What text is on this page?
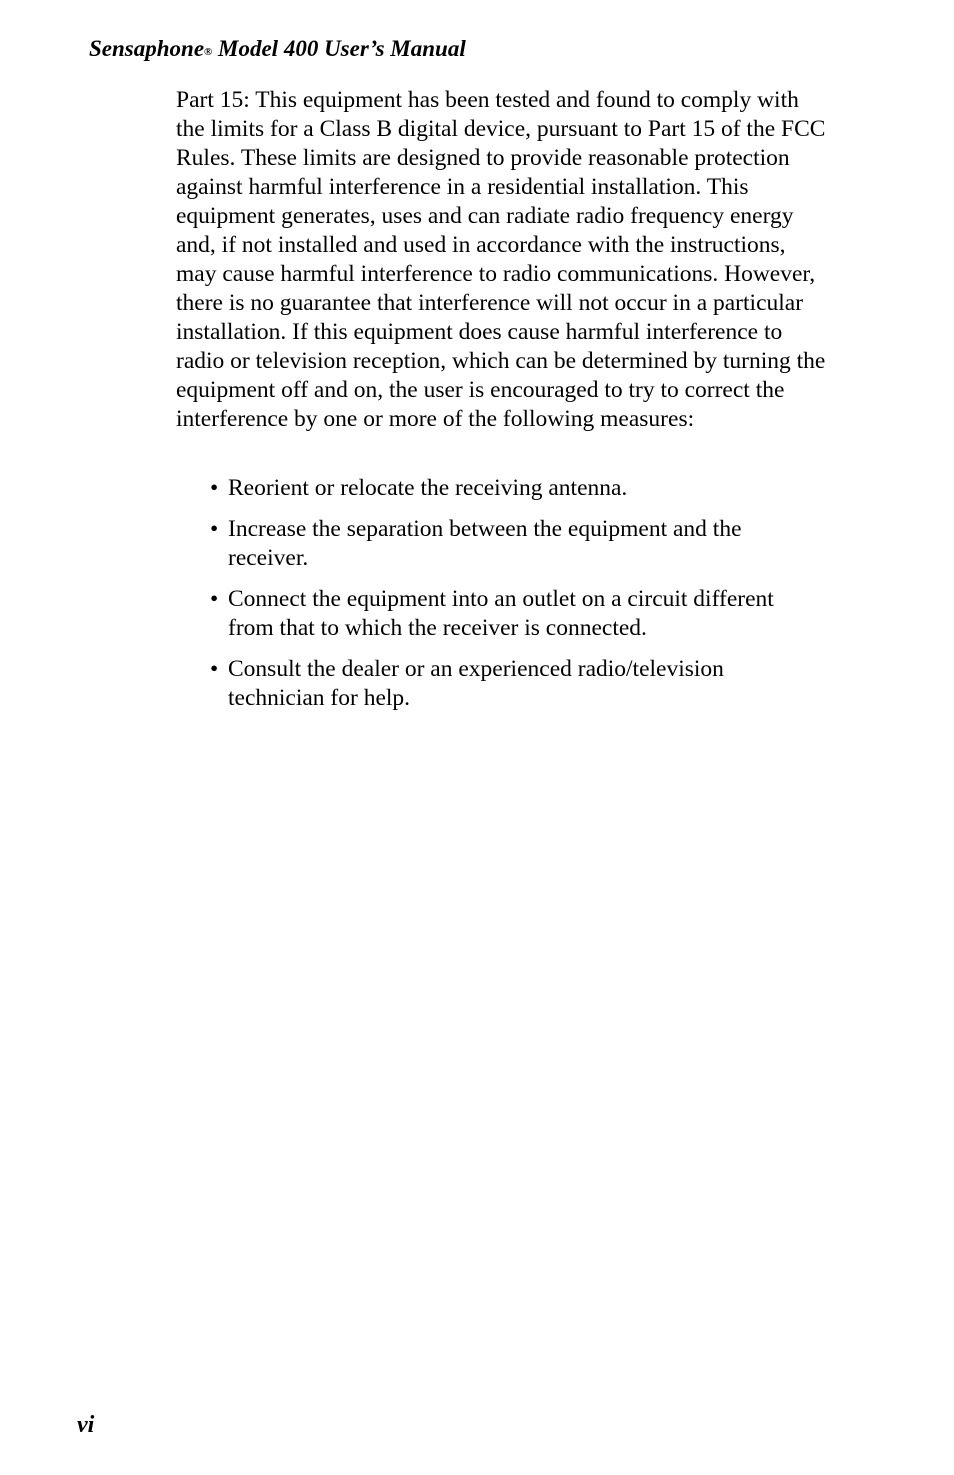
Sensaphone® Model 400 User’s Manual

Part 15: This equipment has been tested and found to comply with the limits for a Class B digital device, pursuant to Part 15 of the FCC Rules. These limits are designed to provide reasonable protection against harmful interference in a residential installation. This equipment generates, uses and can radiate radio frequency energy and, if not installed and used in accordance with the instructions, may cause harmful interference to radio communications. However, there is no guarantee that interference will not occur in a particular installation. If this equipment does cause harmful interference to radio or television reception, which can be determined by turning the equipment off and on, the user is encouraged to try to correct the interference by one or more of the following measures:

• Reorient or relocate the receiving antenna.
• Increase the separation between the equipment and the receiver.
• Connect the equipment into an outlet on a circuit different from that to which the receiver is connected.
• Consult the dealer or an experienced radio/television technician for help.
vi
